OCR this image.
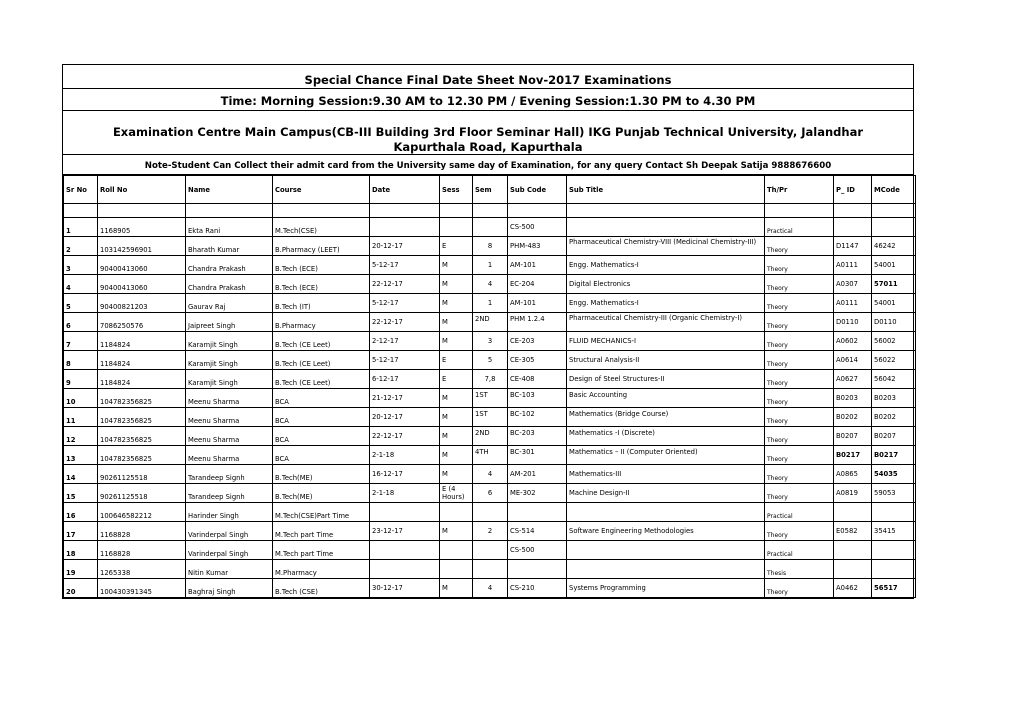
Special Chance Final Date Sheet Nov-2017 Examinations
Time: Morning Session:9.30 AM to 12.30 PM / Evening Session:1.30 PM to 4.30 PM
Examination Centre Main Campus(CB-III Building 3rd Floor Seminar Hall) IKG Punjab Technical University, Jalandhar
Kapurthala Road, Kapurthala
Note-Student Can Collect their admit card from the University same day of Examination, for any query Contact Sh Deepak Satija 9888676600
Sr No	Roll No	Name	Course	Date	Sess	Sem	Sub Code	Sub Title	Th/Pr	P_ ID	MCode

1	1168905	Ekta Rani	M.Tech(CSE)				CS-500		Practical		
2	103142596901	Bharath Kumar	B.Pharmacy (LEET)	20-12-17	E	8	PHM-483	Pharmaceutical Chemistry-VIII (Medicinal Chemistry-III)	Theory	D1147	46242
3	90400413060	Chandra Prakash	B.Tech (ECE)	5-12-17	M	1	AM-101	Engg. Mathematics-I	Theory	A0111	54001
4	90400413060	Chandra Prakash	B.Tech (ECE)	22-12-17	M	4	EC-204	Digital Electronics	Theory	A0307	57011
5	90400821203	Gaurav Raj	B.Tech (IT)	5-12-17	M	1	AM-101	Engg. Mathematics-I	Theory	A0111	54001
6	7086250576	Jaipreet Singh	B.Pharmacy	22-12-17	M	2ND	PHM 1.2.4	Pharmaceutical Chemistry-III (Organic Chemistry-I)	Theory	D0110	D0110
7	1184824	Karamjit Singh	B.Tech (CE Leet)	2-12-17	M	3	CE-203	FLUID MECHANICS-I	Theory	A0602	56002
8	1184824	Karamjit Singh	B.Tech (CE Leet)	5-12-17	E	5	CE-305	Structural Analysis-II	Theory	A0614	56022
9	1184824	Karamjit Singh	B.Tech (CE Leet)	6-12-17	E	7,8	CE-408	Design of Steel Structures-II	Theory	A0627	56042
10	104782356825	Meenu Sharma	BCA	21-12-17	M	1ST	BC-103	Basic Accounting	Theory	B0203	B0203
11	104782356825	Meenu Sharma	BCA	20-12-17	M	1ST	BC-102	Mathematics (Bridge Course)	Theory	B0202	B0202
12	104782356825	Meenu Sharma	BCA	22-12-17	M	2ND	BC-203	Mathematics -I (Discrete)	Theory	B0207	B0207
13	104782356825	Meenu Sharma	BCA	2-1-18	M	4TH	BC-301	Mathematics – II (Computer Oriented)	Theory	B0217	B0217
14	90261125518	Tarandeep Signh	B.Tech(ME)	16-12-17	M	4	AM-201	Mathematics-III	Theory	A0865	54035
15	90261125518	Tarandeep Signh	B.Tech(ME)	2-1-18	E (4 Hours)	6	ME-302	Machine Design-II	Theory	A0819	59053
16	100646582212	Harinder Singh	M.Tech(CSE)Part Time						Practical		
17	1168828	Varinderpal Singh	M.Tech part Time	23-12-17	M	2	CS-514	Software Engineering Methodologies	Theory	E0582	35415
18	1168828	Varinderpal Singh	M.Tech part Time				CS-500		Practical		
19	1265338	Nitin Kumar	M.Pharmacy						Thesis		
20	100430391345	Baghraj Singh	B.Tech (CSE)	30-12-17	M	4	CS-210	Systems Programming	Theory	A0462	56517
